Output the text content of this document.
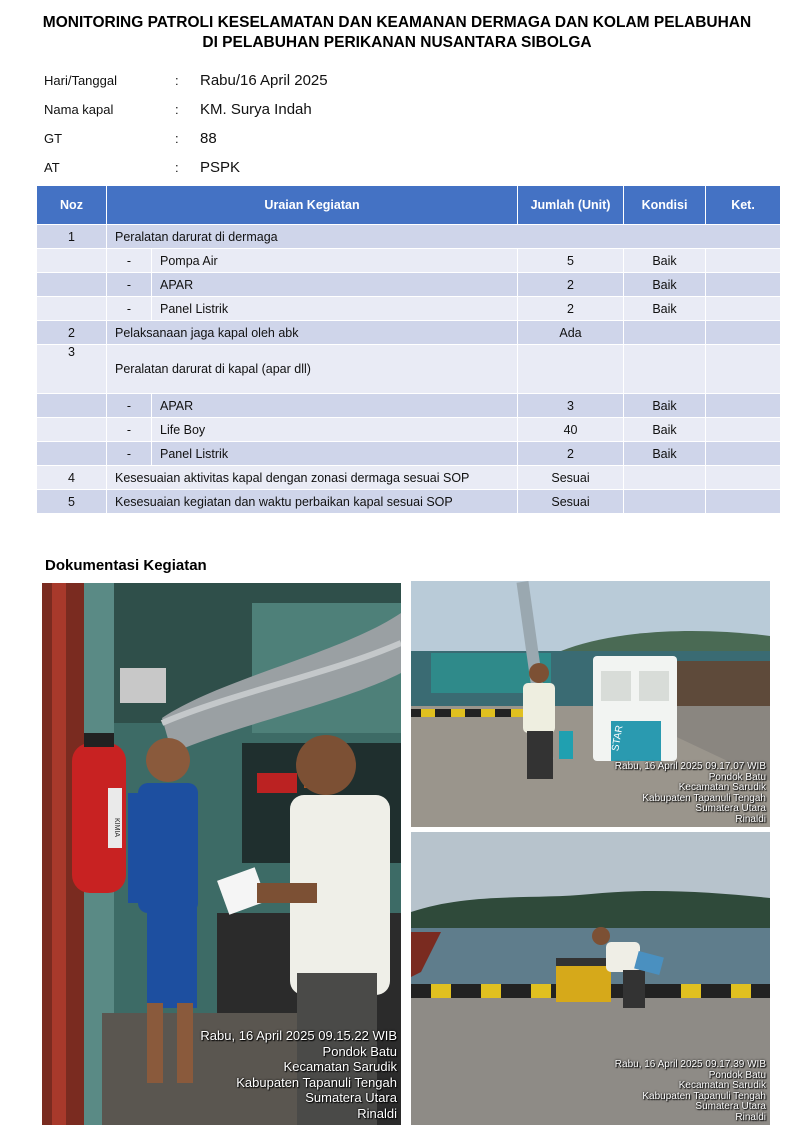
MONITORING PATROLI KESELAMATAN DAN KEAMANAN DERMAGA DAN KOLAM PELABUHAN
DI PELABUHAN PERIKANAN NUSANTARA SIBOLGA
Hari/Tanggal	:	Rabu/16 April 2025
Nama kapal	:	KM. Surya Indah
GT	:	88
AT	:	PSPK
Noz	Uraian Kegiatan		Jumlah (Unit)	Kondisi	Ket.
1	Peralatan darurat di dermaga				
	-	Pompa Air	5	Baik	
	-	APAR	2	Baik	
	-	Panel Listrik	2	Baik	
2	Pelaksanaan jaga kapal oleh abk		Ada		
3	Peralatan darurat di kapal (apar dll)				
	-	APAR	3	Baik	
	-	Life Boy	40	Baik	
	-	Panel Listrik	2	Baik	
4	Kesesuaian aktivitas kapal dengan zonasi dermaga sesuai SOP		Sesuai		
5	Kesesuaian kegiatan dan waktu perbaikan kapal sesuai SOP		Sesuai		
Dokumentasi Kegiatan
KIMIA
Rabu, 16 April 2025 09.15.22 WIB
Pondok Batu
Kecamatan Sarudik
Kabupaten Tapanuli Tengah
Sumatera Utara
Rinaldi
STAR
Rabu, 16 April 2025 09.17.07 WIB
Pondok Batu
Kecamatan Sarudik
Kabupaten Tapanuli Tengah
Sumatera Utara
Rinaldi
Rabu, 16 April 2025 09.17.39 WIB
Pondok Batu
Kecamatan Sarudik
Kabupaten Tapanuli Tengah
Sumatera Utara
Rinaldi
